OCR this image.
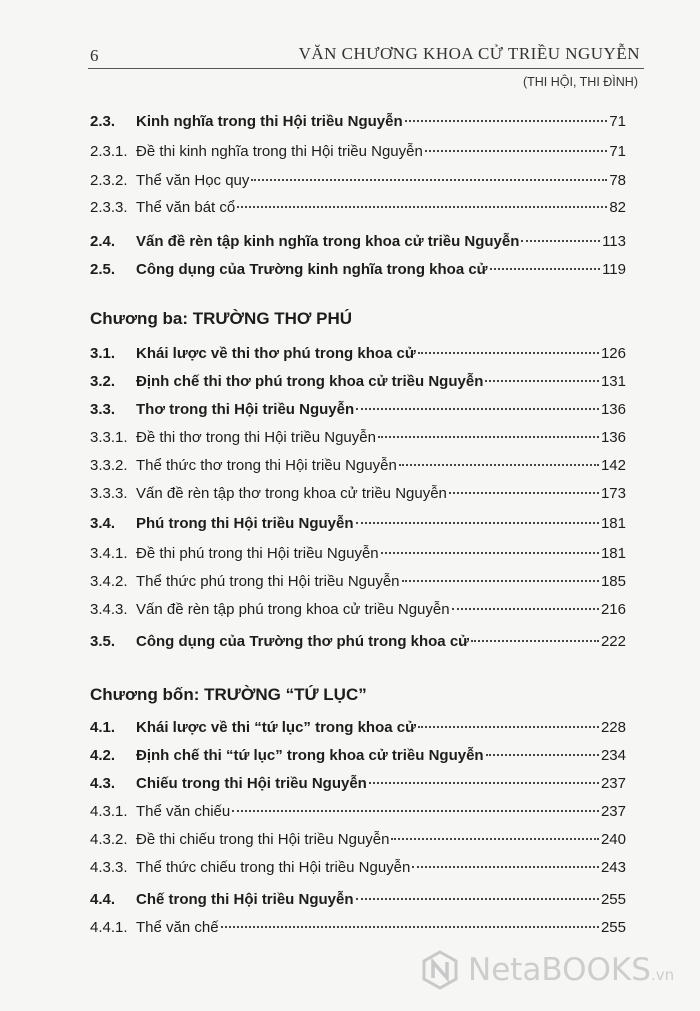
6	VĂN CHƯƠNG KHOA CỬ TRIỀU NGUYỄN
(THI HỘI, THI ĐÌNH)
2.3.	Kinh nghĩa trong thi Hội triều Nguyễn	71
2.3.1. Đề thi kinh nghĩa trong thi Hội triều Nguyễn	71
2.3.2. Thể văn Học quy	78
2.3.3. Thể văn bát cổ	82
2.4.	Vấn đề rèn tập kinh nghĩa trong khoa cử triều Nguyễn	113
2.5.	Công dụng của Trường kinh nghĩa trong khoa cử	119
Chương ba: TRƯỜNG THƠ PHÚ
3.1.	Khái lược về thi thơ phú trong khoa cử	126
3.2.	Định chế thi thơ phú trong khoa cử triều Nguyễn	131
3.3.	Thơ trong thi Hội triều Nguyễn	136
3.3.1. Đề thi thơ trong thi Hội triều Nguyễn	136
3.3.2. Thể thức thơ trong thi Hội triều Nguyễn	142
3.3.3. Vấn đề rèn tập thơ trong khoa cử triều Nguyễn	173
3.4.	Phú trong thi Hội triều Nguyễn	181
3.4.1. Đề thi phú trong thi Hội triều Nguyễn	181
3.4.2. Thể thức phú trong thi Hội triều Nguyễn	185
3.4.3. Vấn đề rèn tập phú trong khoa cử triều Nguyễn	216
3.5.	Công dụng của Trường thơ phú trong khoa cử	222
Chương bốn: TRƯỜNG “TỨ LỤC”
4.1.	Khái lược về thi “tứ lục” trong khoa cử	228
4.2.	Định chế thi “tứ lục” trong khoa cử triều Nguyễn	234
4.3.	Chiếu trong thi Hội triều Nguyễn	237
4.3.1. Thể văn chiếu	237
4.3.2. Đề thi chiếu trong thi Hội triều Nguyễn	240
4.3.3. Thể thức chiếu trong thi Hội triều Nguyễn	243
4.4.	Chế trong thi Hội triều Nguyễn	255
4.4.1. Thể văn chế	255
NetaBOOKS.vn
